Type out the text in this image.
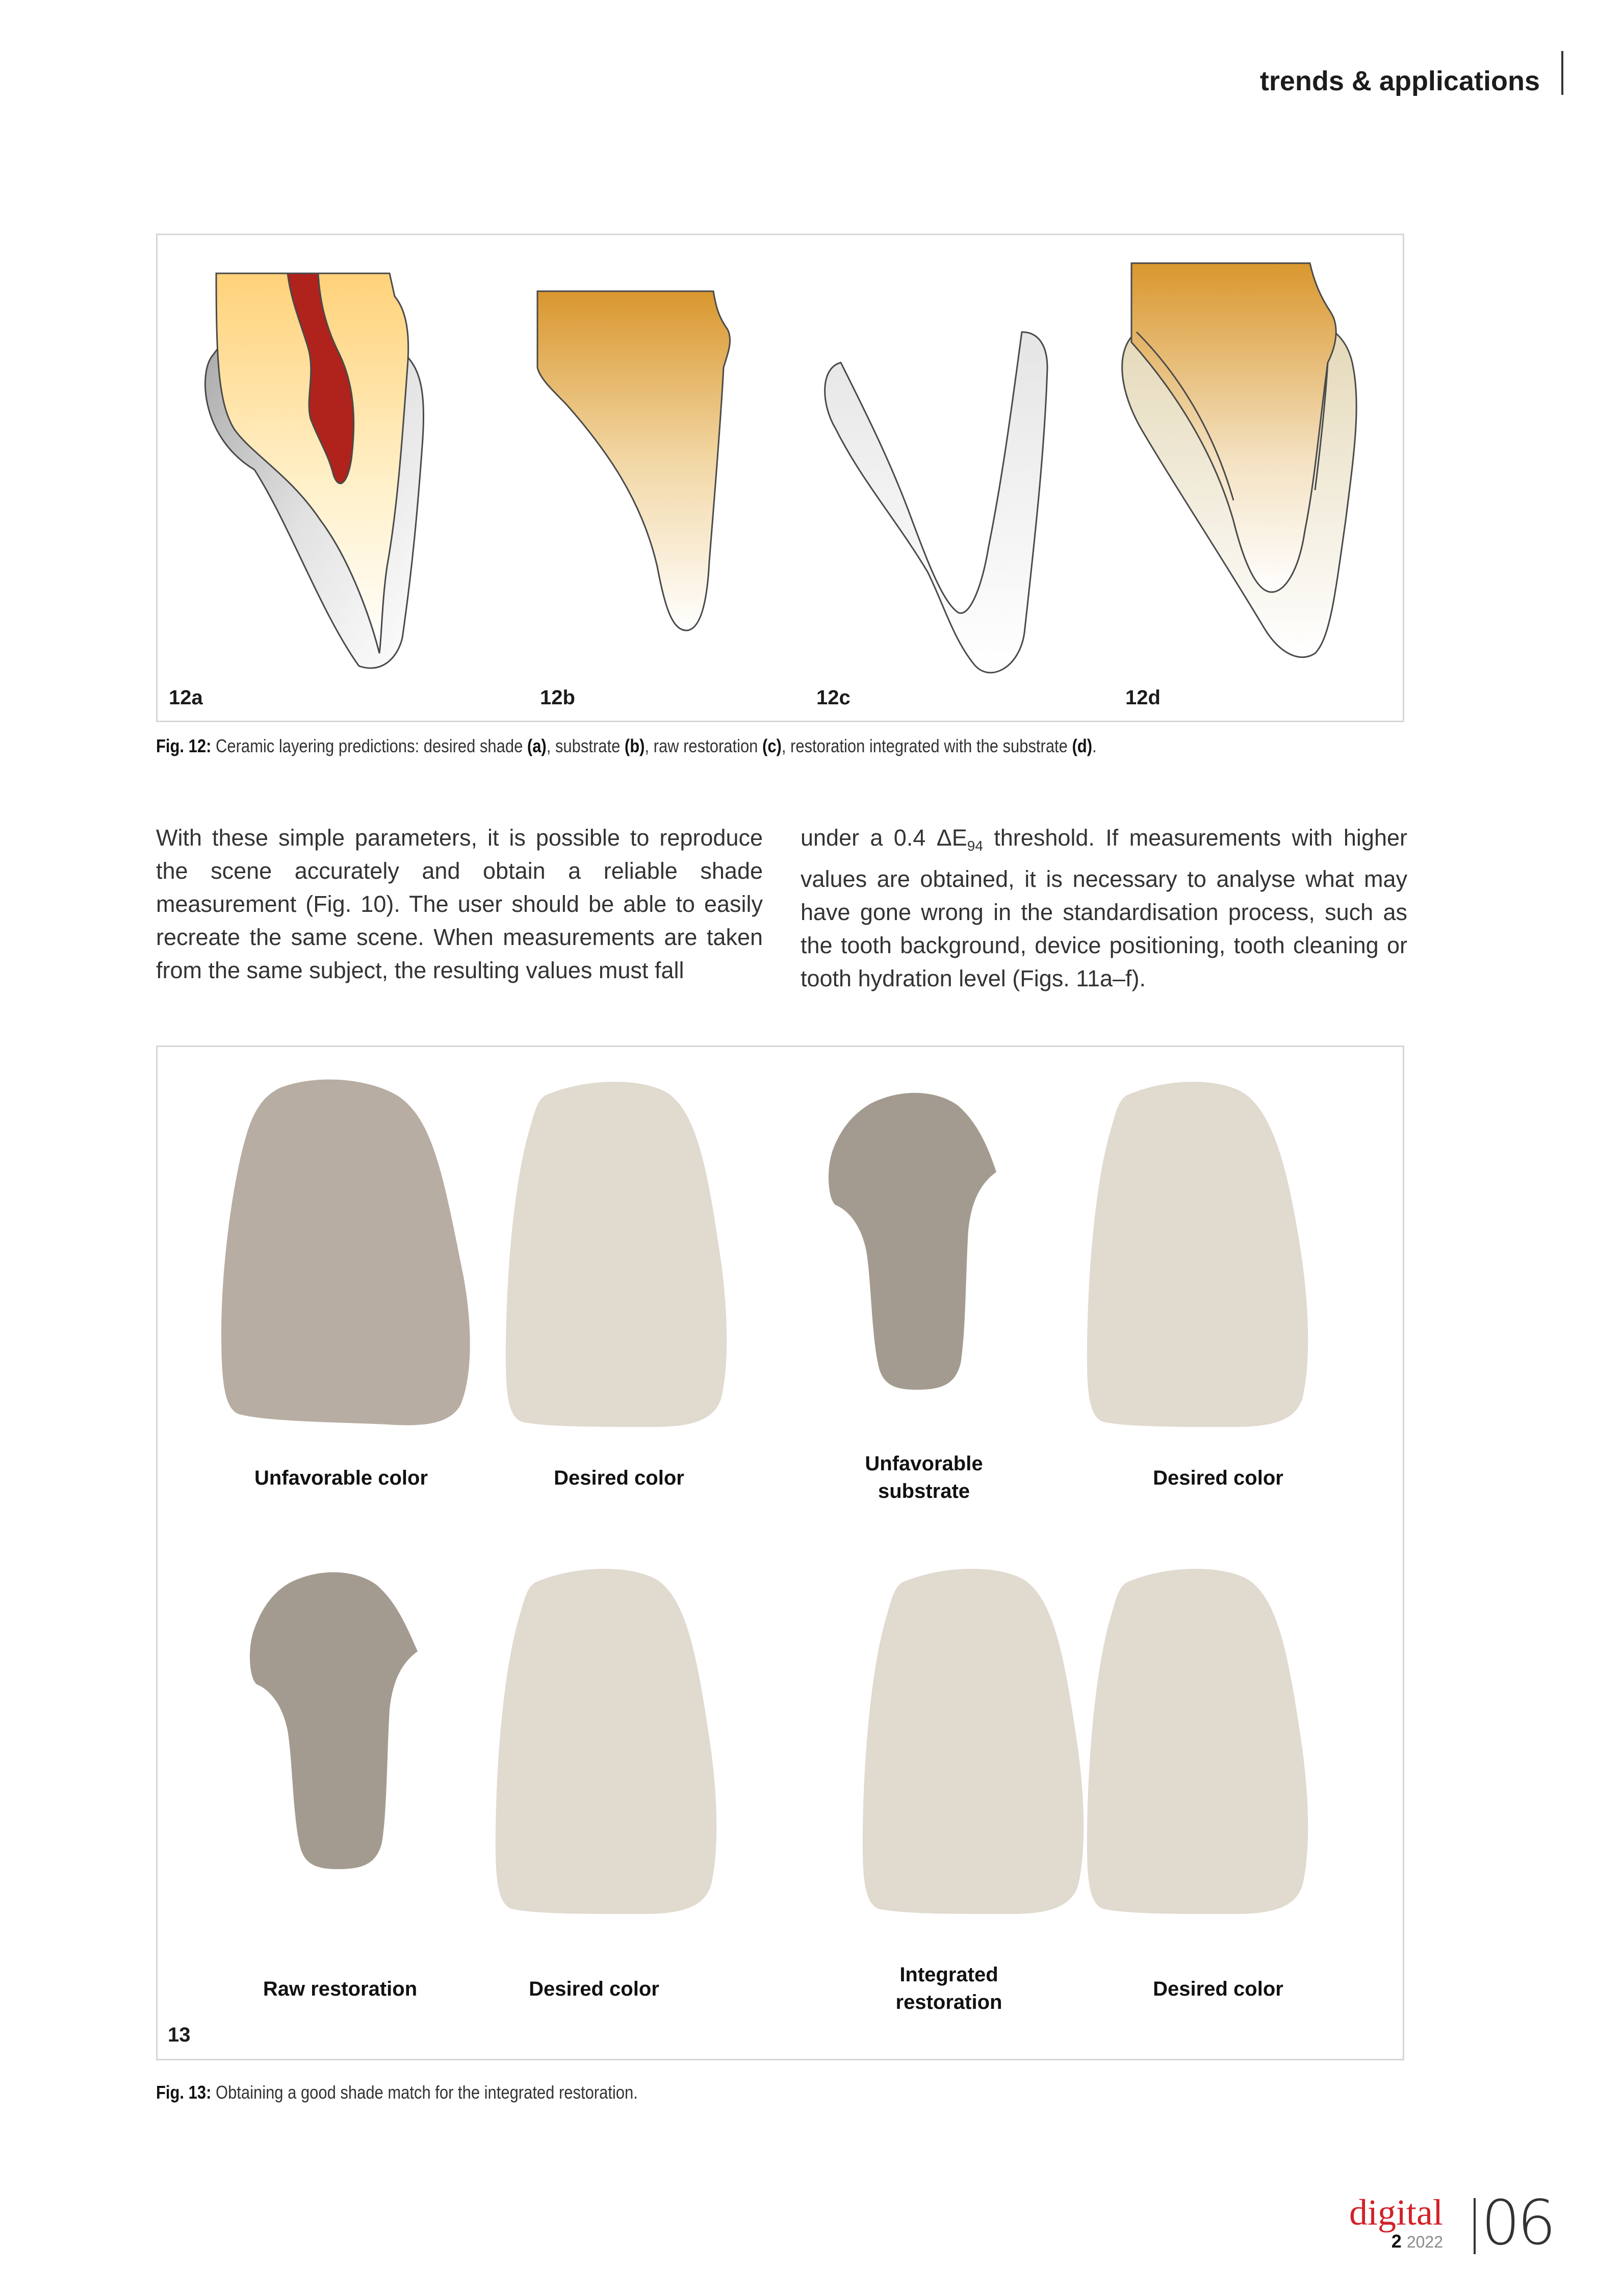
trends & applications
12a	12b	12c	12d
Fig. 12: Ceramic layering predictions: desired shade (a), substrate (b), raw restoration (c), restoration integrated with the substrate (d).
With these simple parameters, it is possible to reproduce the scene accurately and obtain a reliable shade measurement (Fig. 10). The user should be able to easily recreate the same scene. When measurements are taken from the same subject, the resulting values must fall
under a 0.4 $\Delta E_{94}$ threshold. If measurements with higher values are obtained, it is necessary to analyse what may have gone wrong in the standardisation process, such as the tooth background, device positioning, tooth cleaning or tooth hydration level (Figs. 11a–f).
Unfavorable color	Desired color
Unfavorable
substrate
Desired color
Raw restoration	Desired color
Integrated
restoration
Desired color
13
Fig. 13: Obtaining a good shade match for the integrated restoration.
digital
2 2022 06
